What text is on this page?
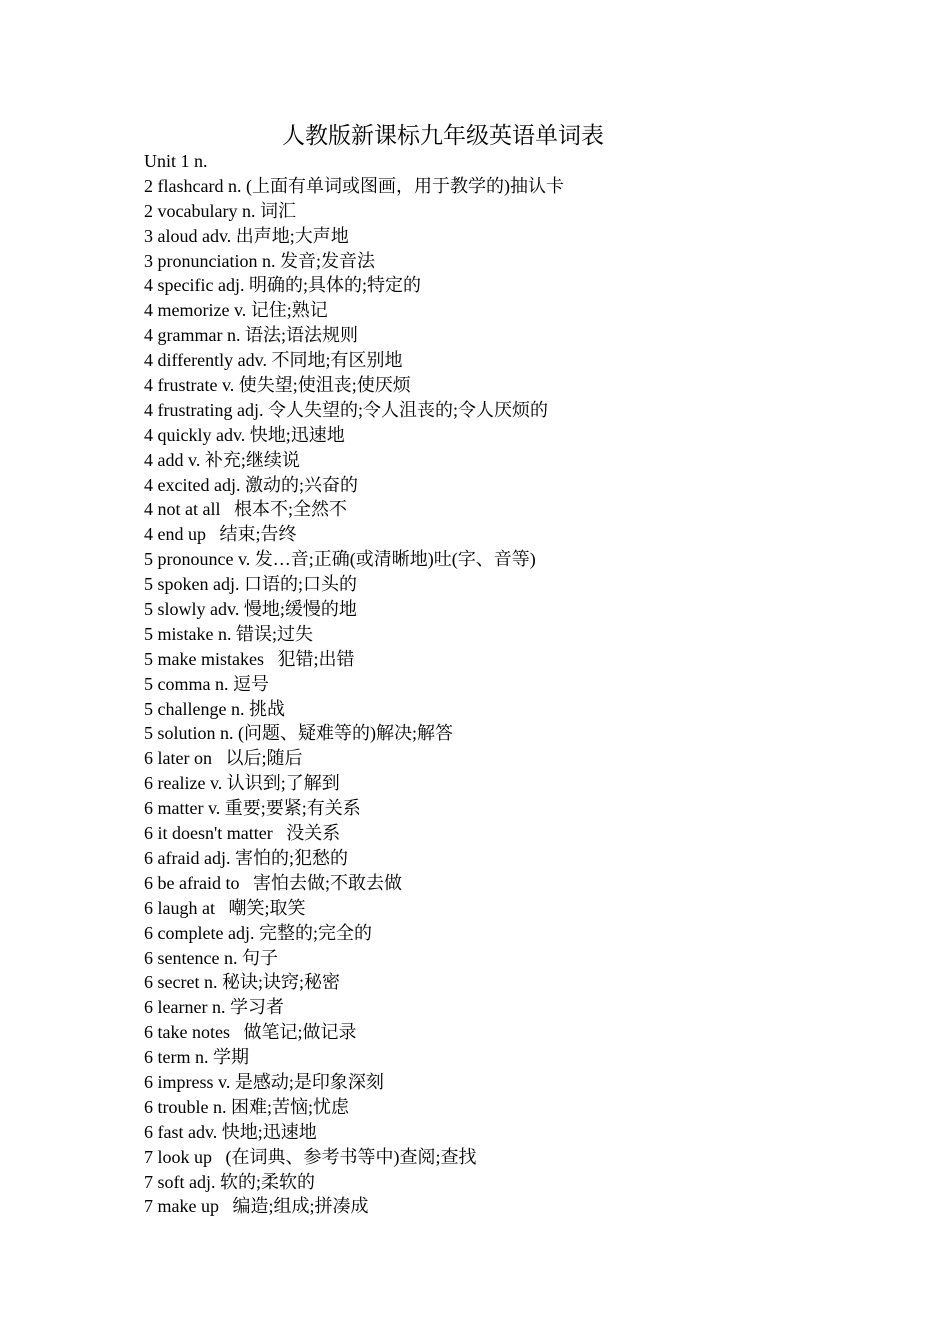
人教版新课标九年级英语单词表
Unit 1 n.
2 flashcard n. (上面有单词或图画，用于教学的)抽认卡
2 vocabulary n. 词汇
3 aloud adv. 出声地;大声地
3 pronunciation n. 发音;发音法
4 specific adj. 明确的;具体的;特定的
4 memorize v. 记住;熟记
4 grammar n. 语法;语法规则
4 differently adv. 不同地;有区别地
4 frustrate v. 使失望;使沮丧;使厌烦
4 frustrating adj. 令人失望的;令人沮丧的;令人厌烦的
4 quickly adv. 快地;迅速地
4 add v. 补充;继续说
4 excited adj. 激动的;兴奋的
4 not at all   根本不;全然不
4 end up   结束;告终
5 pronounce v. 发…音;正确(或清晰地)吐(字、音等)
5 spoken adj. 口语的;口头的
5 slowly adv. 慢地;缓慢的地
5 mistake n. 错误;过失
5 make mistakes   犯错;出错
5 comma n. 逗号
5 challenge n. 挑战
5 solution n. (问题、疑难等的)解决;解答
6 later on   以后;随后
6 realize v. 认识到;了解到
6 matter v. 重要;要紧;有关系
6 it doesn't matter   没关系
6 afraid adj. 害怕的;犯愁的
6 be afraid to   害怕去做;不敢去做
6 laugh at   嘲笑;取笑
6 complete adj. 完整的;完全的
6 sentence n. 句子
6 secret n. 秘诀;诀窍;秘密
6 learner n. 学习者
6 take notes   做笔记;做记录
6 term n. 学期
6 impress v. 是感动;是印象深刻
6 trouble n. 困难;苦恼;忧虑
6 fast adv. 快地;迅速地
7 look up   (在词典、参考书等中)查阅;查找
7 soft adj. 软的;柔软的
7 make up   编造;组成;拼凑成
